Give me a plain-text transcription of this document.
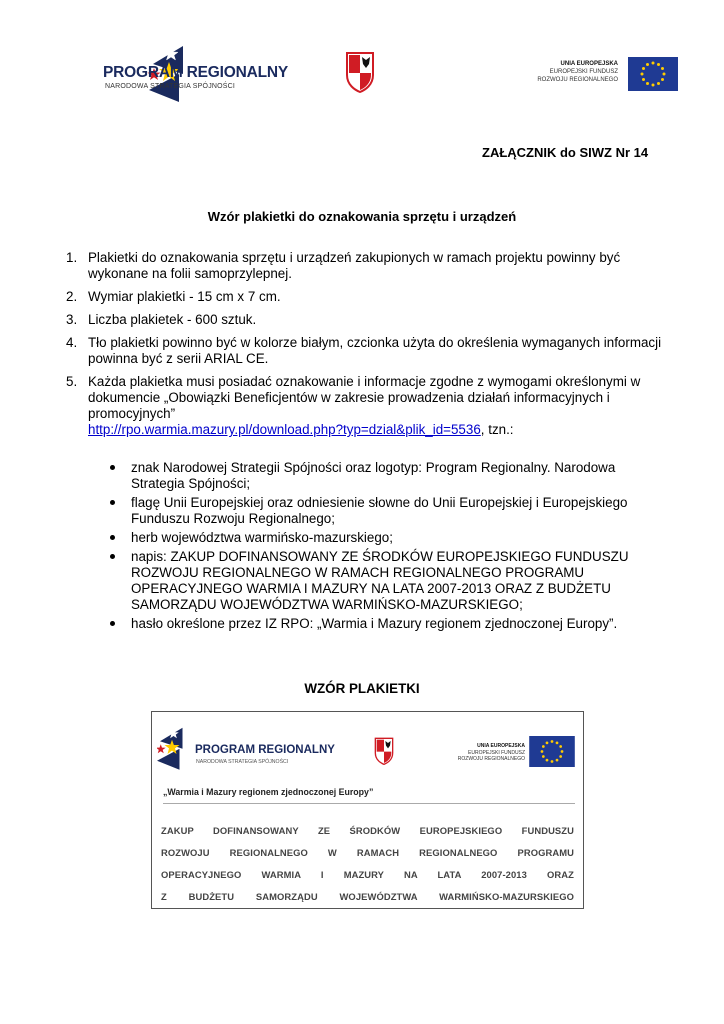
PROGRAM REGIONALNY
NARODOWA STRATEGIA SPÓJNOŚCI
UNIA EUROPEJSKA
EUROPEJSKI FUNDUSZ
ROZWOJU REGIONALNEGO
ZAŁĄCZNIK do SIWZ Nr 14
Wzór plakietki do oznakowania sprzętu i urządzeń
1. Plakietki do oznakowania sprzętu i urządzeń zakupionych w ramach projektu powinny być wykonane na folii samoprzylepnej.
2. Wymiar plakietki - 15 cm x 7 cm.
3. Liczba plakietek - 600 sztuk.
4. Tło plakietki powinno być w kolorze białym, czcionka użyta do określenia wymaganych informacji powinna być z serii ARIAL CE.
5. Każda plakietka musi posiadać oznakowanie i informacje zgodne z wymogami określonymi w dokumencie „Obowiązki Beneficjentów w zakresie prowadzenia działań informacyjnych i promocyjnych”
http://rpo.warmia.mazury.pl/download.php?typ=dzial&plik_id=5536, tzn.:
znak Narodowej Strategii Spójności oraz logotyp: Program Regionalny. Narodowa Strategia Spójności;
flagę Unii Europejskiej oraz odniesienie słowne do Unii Europejskiej i Europejskiego Funduszu Rozwoju Regionalnego;
herb województwa warmińsko-mazurskiego;
napis: ZAKUP DOFINANSOWANY ZE ŚRODKÓW EUROPEJSKIEGO FUNDUSZU ROZWOJU REGIONALNEGO W RAMACH REGIONALNEGO PROGRAMU OPERACYJNEGO WARMIA I MAZURY NA LATA 2007-2013 ORAZ Z BUDŻETU SAMORZĄDU WOJEWÓDZTWA WARMIŃSKO-MAZURSKIEGO;
hasło określone przez IZ RPO: „Warmia i Mazury regionem zjednoczonej Europy”.
WZÓR PLAKIETKI
PROGRAM REGIONALNY
NARODOWA STRATEGIA SPÓJNOŚCI
UNIA EUROPEJSKA
EUROPEJSKI FUNDUSZ
ROZWOJU REGIONALNEGO
„Warmia i Mazury regionem zjednoczonej Europy”
ZAKUP DOFINANSOWANY ZE ŚRODKÓW EUROPEJSKIEGO FUNDUSZU
ROZWOJU REGIONALNEGO W RAMACH REGIONALNEGO PROGRAMU
OPERACYJNEGO WARMIA I MAZURY NA LATA 2007-2013 ORAZ
Z BUDŻETU SAMORZĄDU WOJEWÓDZTWA WARMIŃSKO-MAZURSKIEGO
